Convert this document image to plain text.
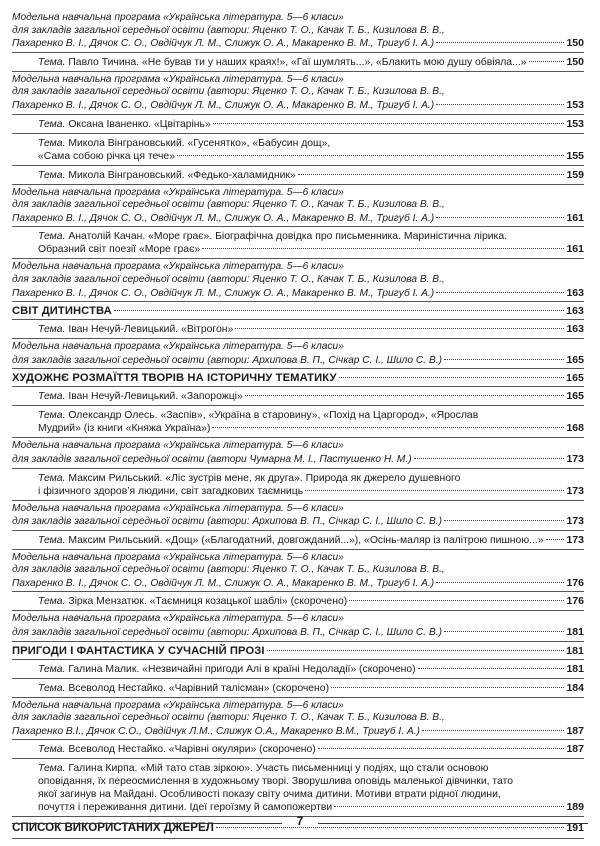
Модельна навчальна програма «Українська література. 5—6 класи»
для закладів загальної середньої освіти (автори: Яценко Т. О., Качак Т. Б., Кизилова В. В.,
Пахаренко В. І., Дячок С. О., Овдійчук Л. М., Слижук О. А., Макаренко В. М., Тригуб І. А.)	150
Тема. Павло Тичина. «Не бував ти у наших краях!», «Гаї шумлять...», «Блакить мою душу обвіяла...»	150
Модельна навчальна програма «Українська література. 5—6 класи»
для закладів загальної середньої освіти (автори: Яценко Т. О., Качак Т. Б., Кизилова В. В.,
Пахаренко В. І., Дячок С. О., Овдійчук Л. М., Слижук О. А., Макаренко В. М., Тригуб І. А.)	153
Тема. Оксана Іваненко. «Цвітарінь»	153
Тема. Микола Вінграновський. «Гусенятко», «Бабусин дощ»,
«Сама собою річка ця тече»	155
Тема. Микола Вінграновський. «Федько-халамидник»	159
Модельна навчальна програма «Українська література. 5—6 класи»
для закладів загальної середньої освіти (автори: Яценко Т. О., Качак Т. Б., Кизилова В. В.,
Пахаренко В. І., Дячок С. О., Овдійчук Л. М., Слижук О. А., Макаренко В. М., Тригуб І. А.)	161
Тема. Анатолій Качан. «Море грає». Біографічна довідка про письменника. Мариністична лірика.
Образний світ поезії «Море грає»	161
Модельна навчальна програма «Українська література. 5—6 класи»
для закладів загальної середньої освіти (автори: Яценко Т. О., Качак Т. Б., Кизилова В. В.,
Пахаренко В. І., Дячок С. О., Овдійчук Л. М., Слижук О. А., Макаренко В. М., Тригуб І. А.)	163
СВІТ ДИТИНСТВА	163
Тема. Іван Нечуй-Левицький. «Вітрогон»	163
Модельна навчальна програма «Українська література. 5—6 класи»
для закладів загальної середньої освіти (автори: Архипова В. П., Січкар С. І., Шило С. В.)	165
ХУДОЖНЄ РОЗМАЇТТЯ ТВОРІВ НА ІСТОРИЧНУ ТЕМАТИКУ	165
Тема. Іван Нечуй-Левицький. «Запорожці»	165
Тема. Олександр Олесь. «Заспів», «Україна в старовину», «Похід на Царгород», «Ярослав
Мудрий» (із книги «Княжа Україна»)	168
Модельна навчальна програма «Українська література. 5—6 класи»
для закладів загальної середньої освіти (автори Чумарна М. І., Пастушенко Н. М.)	173
Тема. Максим Рильський. «Ліс зустрів мене, як друга». Природа як джерело душевного
і фізичного здоров’я людини, світ загадкових таємниць	173
Модельна навчальна програма «Українська література. 5—6 класи»
для закладів загальної середньої освіти (автори: Архипова В. П., Січкар С. І., Шило С. В.)	173
Тема. Максим Рильський. «Дощ» («Благодатний, довгожданий...»), «Осінь-маляр із палітрою пишною...» 173
Модельна навчальна програма «Українська література. 5—6 класи»
для закладів загальної середньої освіти (автори: Яценко Т. О., Качак Т. Б., Кизилова В. В.,
Пахаренко В. І., Дячок С. О., Овдійчук Л. М., Слижук О. А., Макаренко В. М., Тригуб І. А.)	176
Тема. Зірка Мензатюк. «Таємниця козацької шаблі» (скорочено)	176
Модельна навчальна програма «Українська література. 5—6 класи»
для закладів загальної середньої освіти (автори: Архипова В. П., Січкар С. І., Шило С. В.)	181
ПРИГОДИ І ФАНТАСТИКА У СУЧАСНІЙ ПРОЗІ	181
Тема. Галина Малик. «Незвичайні пригоди Алі в країні Недоладії» (скорочено)	181
Тема. Всеволод Нестайко. «Чарівний талісман» (скорочено)	184
Модельна навчальна програма «Українська література. 5—6 класи»
для закладів загальної середньої освіти (автори: Яценко Т. О., Качак Т. Б., Кизилова В. В.,
Пахаренко В.І., Дячок С.О., Овдійчук Л.М., Слижук О.А., Макаренко В.М., Тригуб І. А.)	187
Тема. Всеволод Нестайко. «Чарівні окуляри» (скорочено)	187
Тема. Галина Кирпа. «Мій тато став зіркою». Участь письменниці у подіях, що стали основою
оповідання, їх переосмислення в художньому творі. Зворушлива оповідь маленької дівчинки, тато
якої загинув на Майдані. Особливості показу світу очима дитини. Мотиви втрати рідної людини,
почуття і переживання дитини. Ідеї героїзму й самопожертви	189
СПИСОК ВИКОРИСТАНИХ ДЖЕРЕЛ	191
7
